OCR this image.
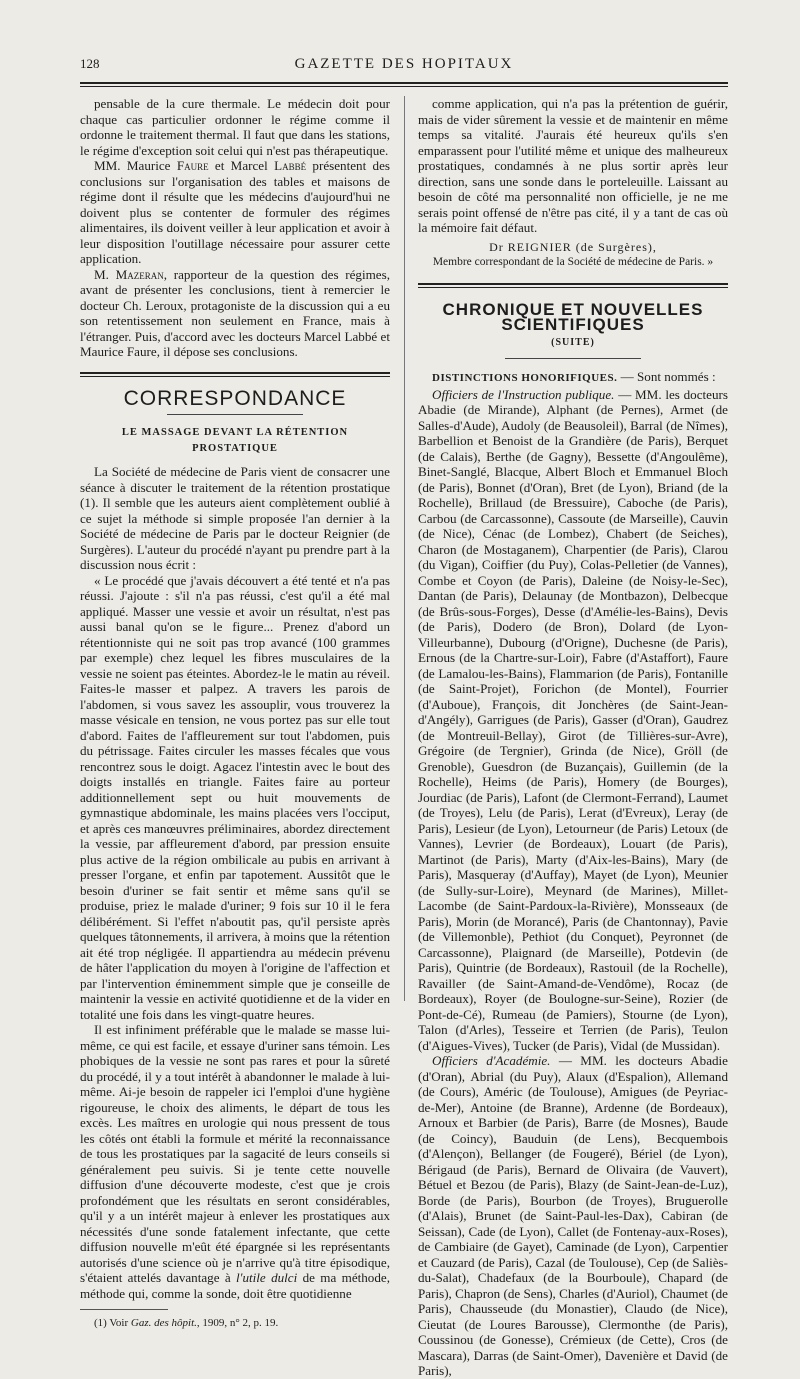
128	GAZETTE DES HOPITAUX

pensable de la cure thermale. Le médecin doit pour chaque cas particulier ordonner le régime comme il ordonne le traitement thermal. Il faut que dans les stations, le régime d'exception soit celui qui n'est pas thérapeutique.

MM. Maurice Faure et Marcel Labbé présentent des conclusions sur l'organisation des tables et maisons de régime dont il résulte que les médecins d'aujourd'hui ne doivent plus se contenter de formuler des régimes alimentaires, ils doivent veiller à leur application et avoir à leur disposition l'outillage nécessaire pour assurer cette application.

M. Mazeran, rapporteur de la question des régimes, avant de présenter les conclusions, tient à remercier le docteur Ch. Leroux, protagoniste de la discussion qui a eu son retentissement non seulement en France, mais à l'étranger. Puis, d'accord avec les docteurs Marcel Labbé et Maurice Faure, il dépose ses conclusions.

CORRESPONDANCE
LE MASSAGE DEVANT LA RÉTENTION PROSTATIQUE

La Société de médecine de Paris vient de consacrer une séance à discuter le traitement de la rétention prostatique (1). Il semble que les auteurs aient complètement oublié à ce sujet la méthode si simple proposée l'an dernier à la Société de médecine de Paris par le docteur Reignier (de Surgères). L'auteur du procédé n'ayant pu prendre part à la discussion nous écrit :

« Le procédé que j'avais découvert a été tenté et n'a pas réussi. J'ajoute : s'il n'a pas réussi, c'est qu'il a été mal appliqué. Masser une vessie et avoir un résultat, n'est pas aussi banal qu'on se le figure... Prenez d'abord un rétentionniste qui ne soit pas trop avancé (100 grammes par exemple) chez lequel les fibres musculaires de la vessie ne soient pas éteintes. Abordez-le le matin au réveil. Faites-le masser et palpez. A travers les parois de l'abdomen, si vous savez les assouplir, vous trouverez la masse vésicale en tension, ne vous portez pas sur elle tout d'abord. Faites de l'affleurement sur tout l'abdomen, puis du pétrissage. Faites circuler les masses fécales que vous rencontrez sous le doigt. Agacez l'intestin avec le bout des doigts installés en triangle. Faites faire au porteur additionnellement sept ou huit mouvements de gymnastique abdominale, les mains placées vers l'occiput, et après ces manœuvres préliminaires, abordez directement la vessie, par affleurement d'abord, par pression ensuite plus active de la région ombilicale au pubis en arrivant à presser l'organe, et enfin par tapotement. Aussitôt que le besoin d'uriner se fait sentir et même sans qu'il se produise, priez le malade d'uriner; 9 fois sur 10 il le fera délibérément. Si l'effet n'aboutit pas, qu'il persiste après quelques tâtonnements, il arrivera, à moins que la rétention ait été trop négligée. Il appartiendra au médecin prévenu de hâter l'application du moyen à l'origine de l'affection et par l'intervention éminemment simple que je conseille de maintenir la vessie en activité quotidienne et de la vider en totalité une fois dans les vingt-quatre heures.

Il est infiniment préférable que le malade se masse lui-même, ce qui est facile, et essaye d'uriner sans témoin. Les phobiques de la vessie ne sont pas rares et pour la sûreté du procédé, il y a tout intérêt à abandonner le malade à lui-même. Ai-je besoin de rappeler ici l'emploi d'une hygiène rigoureuse, le choix des aliments, le départ de tous les excès. Les maîtres en urologie qui nous pressent de tous les côtés ont établi la formule et mérité la reconnaissance de tous les prostatiques par la sagacité de leurs conseils si généralement peu suivis. Si je tente cette nouvelle diffusion d'une découverte modeste, c'est que je crois profondément que les résultats en seront considérables, qu'il y a un intérêt majeur à enlever les prostatiques aux nécessités d'une sonde fatalement infectante, que cette diffusion nouvelle m'eût été épargnée si les représentants autorisés d'une science où je n'arrive qu'à titre épisodique, s'étaient attelés davantage à l'utile dulci de ma méthode, méthode qui, comme la sonde, doit être quotidienne

(1) Voir Gaz. des hôpit., 1909, n° 2, p. 19.

comme application, qui n'a pas la prétention de guérir, mais de vider sûrement la vessie et de maintenir en même temps sa vitalité. J'aurais été heureux qu'ils s'en emparassent pour l'utilité même et unique des malheureux prostatiques, condamnés à ne plus sortir après leur direction, sans une sonde dans le porteleuille. Laissant au besoin de côté ma personnalité non officielle, je ne me serais point offensé de n'être pas cité, il y a tant de cas où la mémoire fait défaut.

Dr REIGNIER (de Surgères),

Membre correspondant de la Société de médecine de Paris. »

CHRONIQUE ET NOUVELLES SCIENTIFIQUES
(SUITE)

DISTINCTIONS HONORIFIQUES. — Sont nommés :

Officiers de l'Instruction publique. — MM. les docteurs Abadie (de Mirande), Alphant (de Pernes), Armet (de Salles-d'Aude), Audoly (de Beausoleil), Barral (de Nîmes), Barbellion et Benoist de la Grandière (de Paris), Berquet (de Calais), Berthe (de Gagny), Bessette (d'Angoulême), Binet-Sanglé, Blacque, Albert Bloch et Emmanuel Bloch (de Paris), Bonnet (d'Oran), Bret (de Lyon), Briand (de la Rochelle), Brillaud (de Bressuire), Caboche (de Paris), Carbou (de Carcassonne), Cassoute (de Marseille), Cauvin (de Nice), Cénac (de Lombez), Chabert (de Seiches), Charon (de Mostaganem), Charpentier (de Paris), Clarou (du Vigan), Coiffier (du Puy), Colas-Pelletier (de Vannes), Combe et Coyon (de Paris), Daleine (de Noisy-le-Sec), Dantan (de Paris), Delaunay (de Montbazon), Delbecque (de Brûs-sous-Forges), Desse (d'Amélie-les-Bains), Devis (de Paris), Dodero (de Bron), Dolard (de Lyon-Villeurbanne), Dubourg (d'Origne), Duchesne (de Paris), Ernous (de la Chartre-sur-Loir), Fabre (d'Astaffort), Faure (de Lamalou-les-Bains), Flammarion (de Paris), Fontanille (de Saint-Projet), Forichon (de Montel), Fourrier (d'Auboue), François, dit Jonchères (de Saint-Jean-d'Angély), Garrigues (de Paris), Gasser (d'Oran), Gaudrez (de Montreuil-Bellay), Girot (de Tillières-sur-Avre), Grégoire (de Tergnier), Grinda (de Nice), Gröll (de Grenoble), Guesdron (de Buzançais), Guillemin (de la Rochelle), Heims (de Paris), Homery (de Bourges), Jourdiac (de Paris), Lafont (de Clermont-Ferrand), Laumet (de Troyes), Lelu (de Paris), Lerat (d'Evreux), Leray (de Paris), Lesieur (de Lyon), Letourneur (de Paris) Letoux (de Vannes), Levrier (de Bordeaux), Louart (de Paris), Martinot (de Paris), Marty (d'Aix-les-Bains), Mary (de Paris), Masqueray (d'Auffay), Mayet (de Lyon), Meunier (de Sully-sur-Loire), Meynard (de Marines), Millet-Lacombe (de Saint-Pardoux-la-Rivière), Monsseaux (de Paris), Morin (de Morancé), Paris (de Chantonnay), Pavie (de Villemonble), Pethiot (du Conquet), Peyronnet (de Carcassonne), Plaignard (de Marseille), Potdevin (de Paris), Quintrie (de Bordeaux), Rastouil (de la Rochelle), Ravailler (de Saint-Amand-de-Vendôme), Rocaz (de Bordeaux), Royer (de Boulogne-sur-Seine), Rozier (de Pont-de-Cé), Rumeau (de Pamiers), Stourne (de Lyon), Talon (d'Arles), Tesseire et Terrien (de Paris), Teulon (d'Aigues-Vives), Tucker (de Paris), Vidal (de Mussidan).

Officiers d'Académie. — MM. les docteurs Abadie (d'Oran), Abrial (du Puy), Alaux (d'Espalion), Allemand (de Cours), Améric (de Toulouse), Amigues (de Peyriac-de-Mer), Antoine (de Branne), Ardenne (de Bordeaux), Arnoux et Barbier (de Paris), Barre (de Mosnes), Baude (de Coincy), Bauduin (de Lens), Becquembois (d'Alençon), Bellanger (de Fougeré), Bériel (de Lyon), Bérigaud (de Paris), Bernard de Olivaira (de Vauvert), Bétuel et Bezou (de Paris), Blazy (de Saint-Jean-de-Luz), Borde (de Paris), Bourbon (de Troyes), Bruguerolle (d'Alais), Brunet (de Saint-Paul-les-Dax), Cabiran (de Seissan), Cade (de Lyon), Callet (de Fontenay-aux-Roses), de Cambiaire (de Gayet), Caminade (de Lyon), Carpentier et Cauzard (de Paris), Cazal (de Toulouse), Cep (de Saliès-du-Salat), Chadefaux (de la Bourboule), Chapard (de Paris), Chapron (de Sens), Charles (d'Auriol), Chaumet (de Paris), Chausseude (du Monastier), Claudo (de Nice), Cieutat (de Loures Barousse), Clermonthe (de Paris), Coussinou (de Gonesse), Crémieux (de Cette), Cros (de Mascara), Darras (de Saint-Omer), Davenière et David (de Paris),
